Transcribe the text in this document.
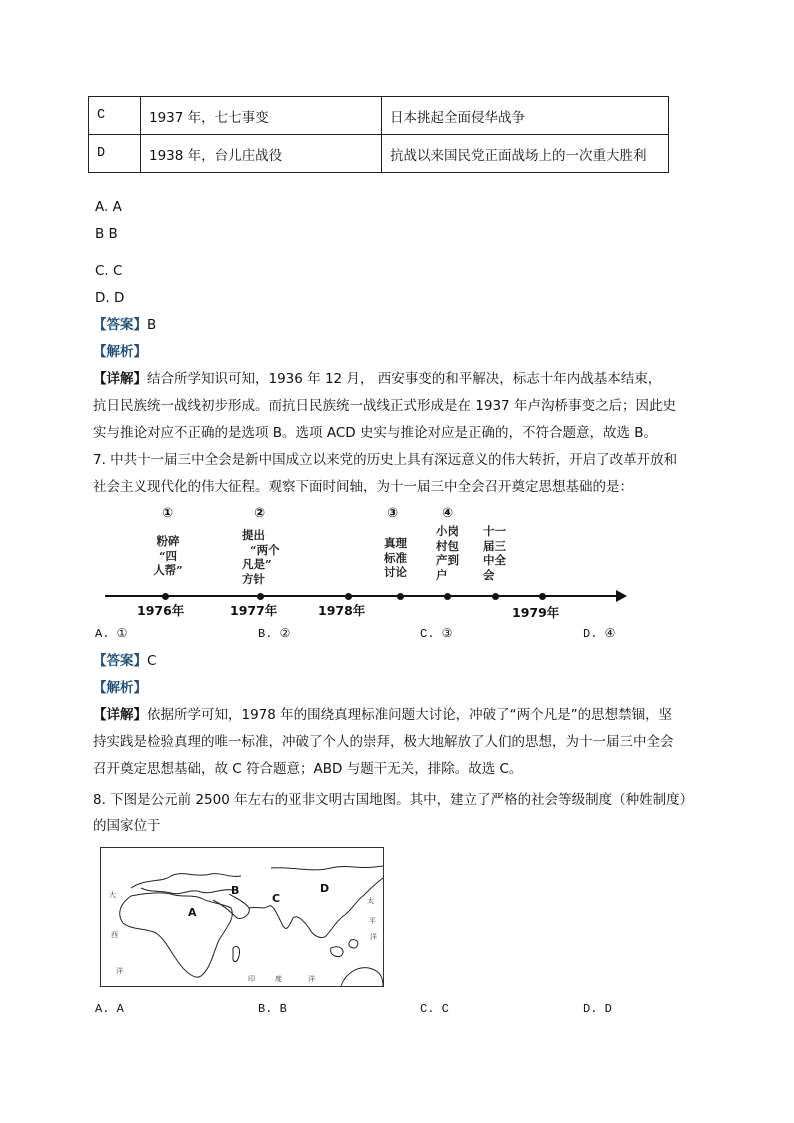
C	1937 年，七七事变	日本挑起全面侵华战争
D	1938 年，台儿庄战役	抗战以来国民党正面战场上的一次重大胜利
A. A
B B
C. C
D. D
【答案】B
【解析】
【详解】结合所学知识可知，1936 年 12 月， 西安事变的和平解决，标志十年内战基本结束，
抗日民族统一战线初步形成。而抗日民族统一战线正式形成是在 1937 年卢沟桥事变之后；因此史
实与推论对应不正确的是选项 B。选项 ACD 史实与推论对应是正确的，不符合题意，故选 B。
7. 中共十一届三中全会是新中国成立以来党的历史上具有深远意义的伟大转折，开启了改革开放和
社会主义现代化的伟大征程。观察下面时间轴，为十一届三中全会召开奠定思想基础的是：
1976年	1977年	1978年	1979年
①
粉碎
“四
人帮”
②
提出
“两个
凡是”
方针
③
真理
标准
讨论
④
小岗
村包
产到
户
十一
届三
中全
会
A. ①	B. ②	C. ③	D. ④
【答案】C
【解析】
【详解】依据所学可知，1978 年的围绕真理标准问题大讨论，冲破了“两个凡是”的思想禁锢，坚
持实践是检验真理的唯一标准，冲破了个人的崇拜，极大地解放了人们的思想，为十一届三中全会
召开奠定思想基础，故 C 符合题意；ABD 与题干无关，排除。故选 C。
8. 下图是公元前 2500 年左右的亚非文明古国地图。其中，建立了严格的社会等级制度（种姓制度）
的国家位于
A
B
C
D
大
西
洋
印	度	洋
太
平
洋
A. A	B. B	C. C	D. D
